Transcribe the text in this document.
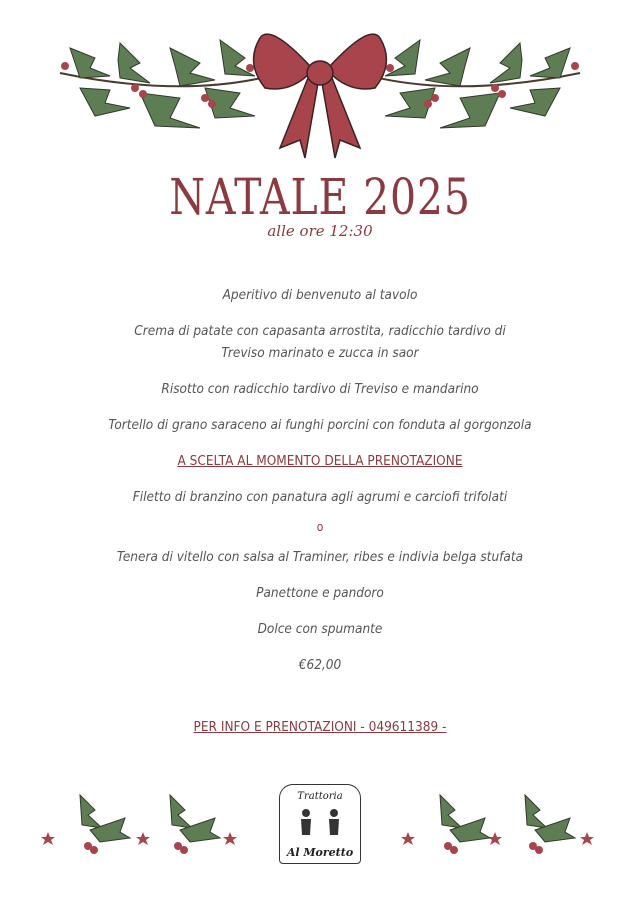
NATALE 2025
alle ore 12:30

Aperitivo di benvenuto al tavolo

Crema di patate con capasanta arrostita, radicchio tardivo di

Treviso marinato e zucca in saor

Risotto con radicchio tardivo di Treviso e mandarino

Tortello di grano saraceno ai funghi porcini con fonduta al gorgonzola

A SCELTA AL MOMENTO DELLA PRENOTAZIONE

Filetto di branzino con panatura agli agrumi e carciofi trifolati

o

Tenera di vitello con salsa al Traminer, ribes e indivia belga stufata

Panettone e pandoro

Dolce con spumante

€62,00

PER INFO E PRENOTAZIONI - 049611389 -
Trattoria
Al Moretto
